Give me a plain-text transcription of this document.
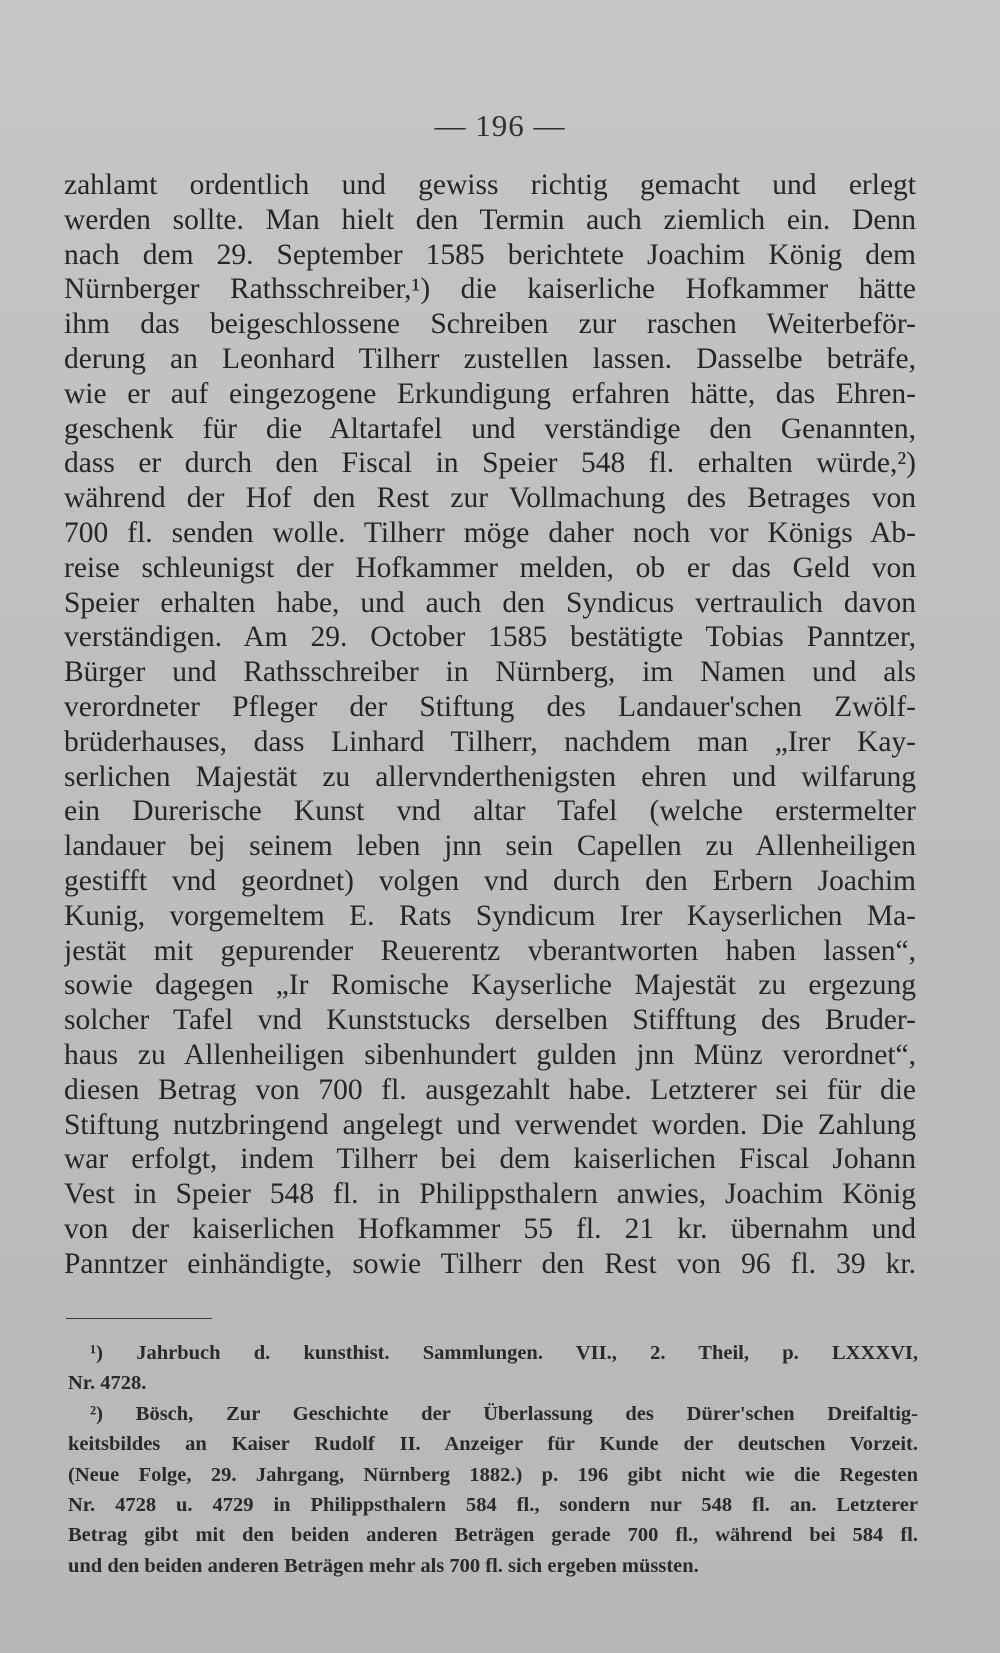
— 196 —
zahlamt ordentlich und gewiss richtig gemacht und erlegt
werden sollte. Man hielt den Termin auch ziemlich ein. Denn
nach dem 29. September 1585 berichtete Joachim König dem
Nürnberger Rathsschreiber,¹) die kaiserliche Hofkammer hätte
ihm das beigeschlossene Schreiben zur raschen Weiterbeför-
derung an Leonhard Tilherr zustellen lassen. Dasselbe beträfe,
wie er auf eingezogene Erkundigung erfahren hätte, das Ehren-
geschenk für die Altartafel und verständige den Genannten,
dass er durch den Fiscal in Speier 548 fl. erhalten würde,²)
während der Hof den Rest zur Vollmachung des Betrages von
700 fl. senden wolle. Tilherr möge daher noch vor Königs Ab-
reise schleunigst der Hofkammer melden, ob er das Geld von
Speier erhalten habe, und auch den Syndicus vertraulich davon
verständigen. Am 29. October 1585 bestätigte Tobias Panntzer,
Bürger und Rathsschreiber in Nürnberg, im Namen und als
verordneter Pfleger der Stiftung des Landauer'schen Zwölf-
brüderhauses, dass Linhard Tilherr, nachdem man „Irer Kay-
serlichen Majestät zu allervnderthenigsten ehren und wilfarung
ein Durerische Kunst vnd altar Tafel (welche erstermelter
landauer bej seinem leben jnn sein Capellen zu Allenheiligen
gestifft vnd geordnet) volgen vnd durch den Erbern Joachim
Kunig, vorgemeltem E. Rats Syndicum Irer Kayserlichen Ma-
jestät mit gepurender Reuerentz vberantworten haben lassen“,
sowie dagegen „Ir Romische Kayserliche Majestät zu ergezung
solcher Tafel vnd Kunststucks derselben Stifftung des Bruder-
haus zu Allenheiligen sibenhundert gulden jnn Münz verordnet“,
diesen Betrag von 700 fl. ausgezahlt habe. Letzterer sei für die
Stiftung nutzbringend angelegt und verwendet worden. Die Zahlung
war erfolgt, indem Tilherr bei dem kaiserlichen Fiscal Johann
Vest in Speier 548 fl. in Philippsthalern anwies, Joachim König
von der kaiserlichen Hofkammer 55 fl. 21 kr. übernahm und
Panntzer einhändigte, sowie Tilherr den Rest von 96 fl. 39 kr.
¹) Jahrbuch d. kunsthist. Sammlungen. VII., 2. Theil, p. LXXXVI,
Nr. 4728.
²) Bösch, Zur Geschichte der Überlassung des Dürer'schen Dreifaltig-
keitsbildes an Kaiser Rudolf II. Anzeiger für Kunde der deutschen Vorzeit.
(Neue Folge, 29. Jahrgang, Nürnberg 1882.) p. 196 gibt nicht wie die Regesten
Nr. 4728 u. 4729 in Philippsthalern 584 fl., sondern nur 548 fl. an. Letzterer
Betrag gibt mit den beiden anderen Beträgen gerade 700 fl., während bei 584 fl.
und den beiden anderen Beträgen mehr als 700 fl. sich ergeben müssten.
